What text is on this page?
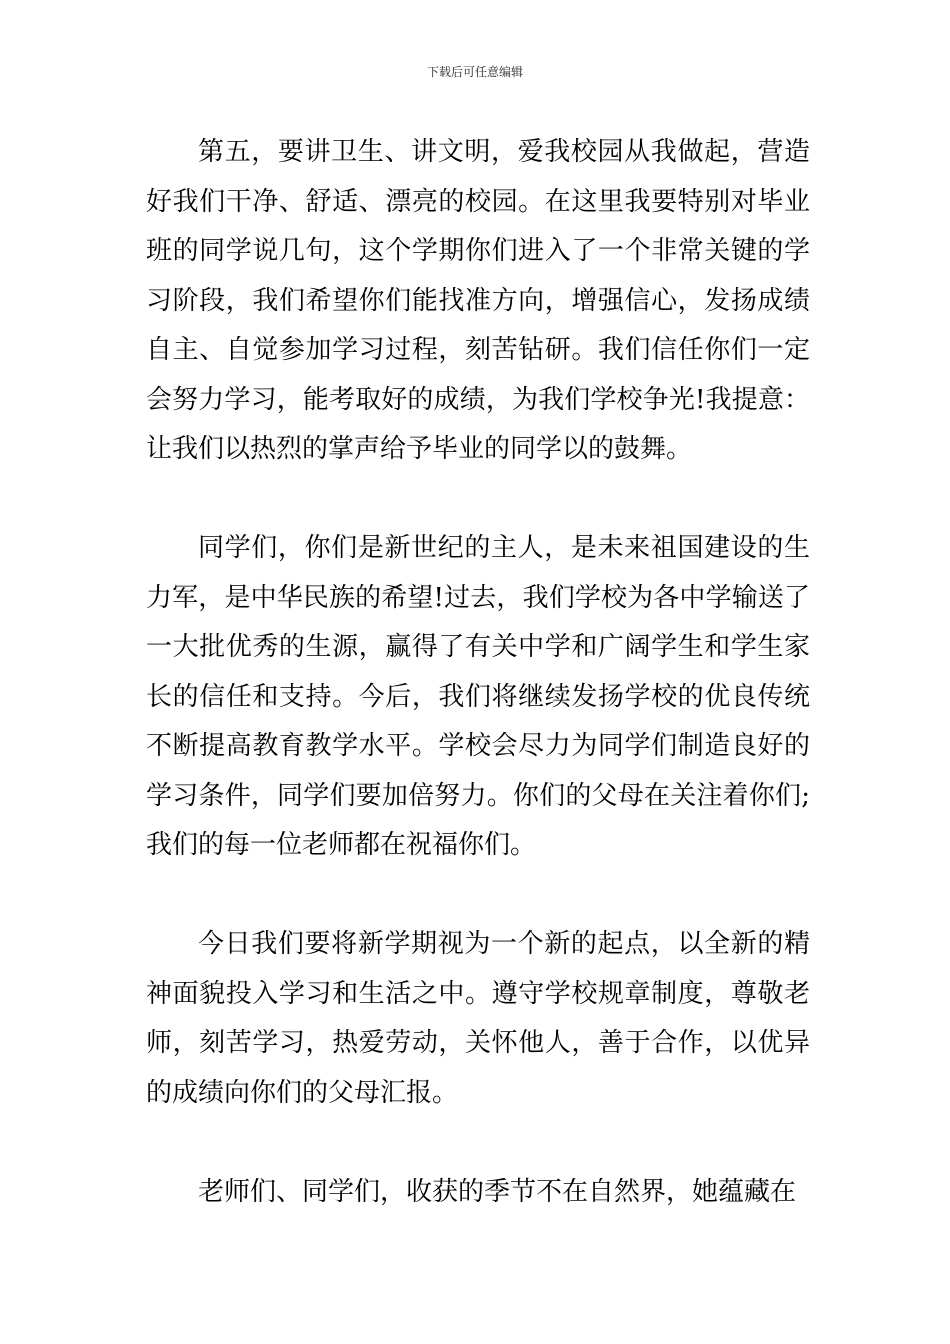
下载后可任意编辑

第五，要讲卫生、讲文明，爱我校园从我做起，营造好我们干净、舒适、漂亮的校园。在这里我要特别对毕业班的同学说几句，这个学期你们进入了一个非常关键的学习阶段，我们希望你们能找准方向，增强信心，发扬成绩自主、自觉参加学习过程，刻苦钻研。我们信任你们一定会努力学习，能考取好的成绩，为我们学校争光!我提意：让我们以热烈的掌声给予毕业的同学以的鼓舞。

同学们，你们是新世纪的主人，是未来祖国建设的生力军，是中华民族的希望!过去，我们学校为各中学输送了一大批优秀的生源，赢得了有关中学和广阔学生和学生家长的信任和支持。今后，我们将继续发扬学校的优良传统不断提高教育教学水平。学校会尽力为同学们制造良好的学习条件，同学们要加倍努力。你们的父母在关注着你们;我们的每一位老师都在祝福你们。

今日我们要将新学期视为一个新的起点，以全新的精神面貌投入学习和生活之中。遵守学校规章制度，尊敬老师，刻苦学习，热爱劳动，关怀他人，善于合作，以优异的成绩向你们的父母汇报。

老师们、同学们，收获的季节不在自然界，她蕴藏在
